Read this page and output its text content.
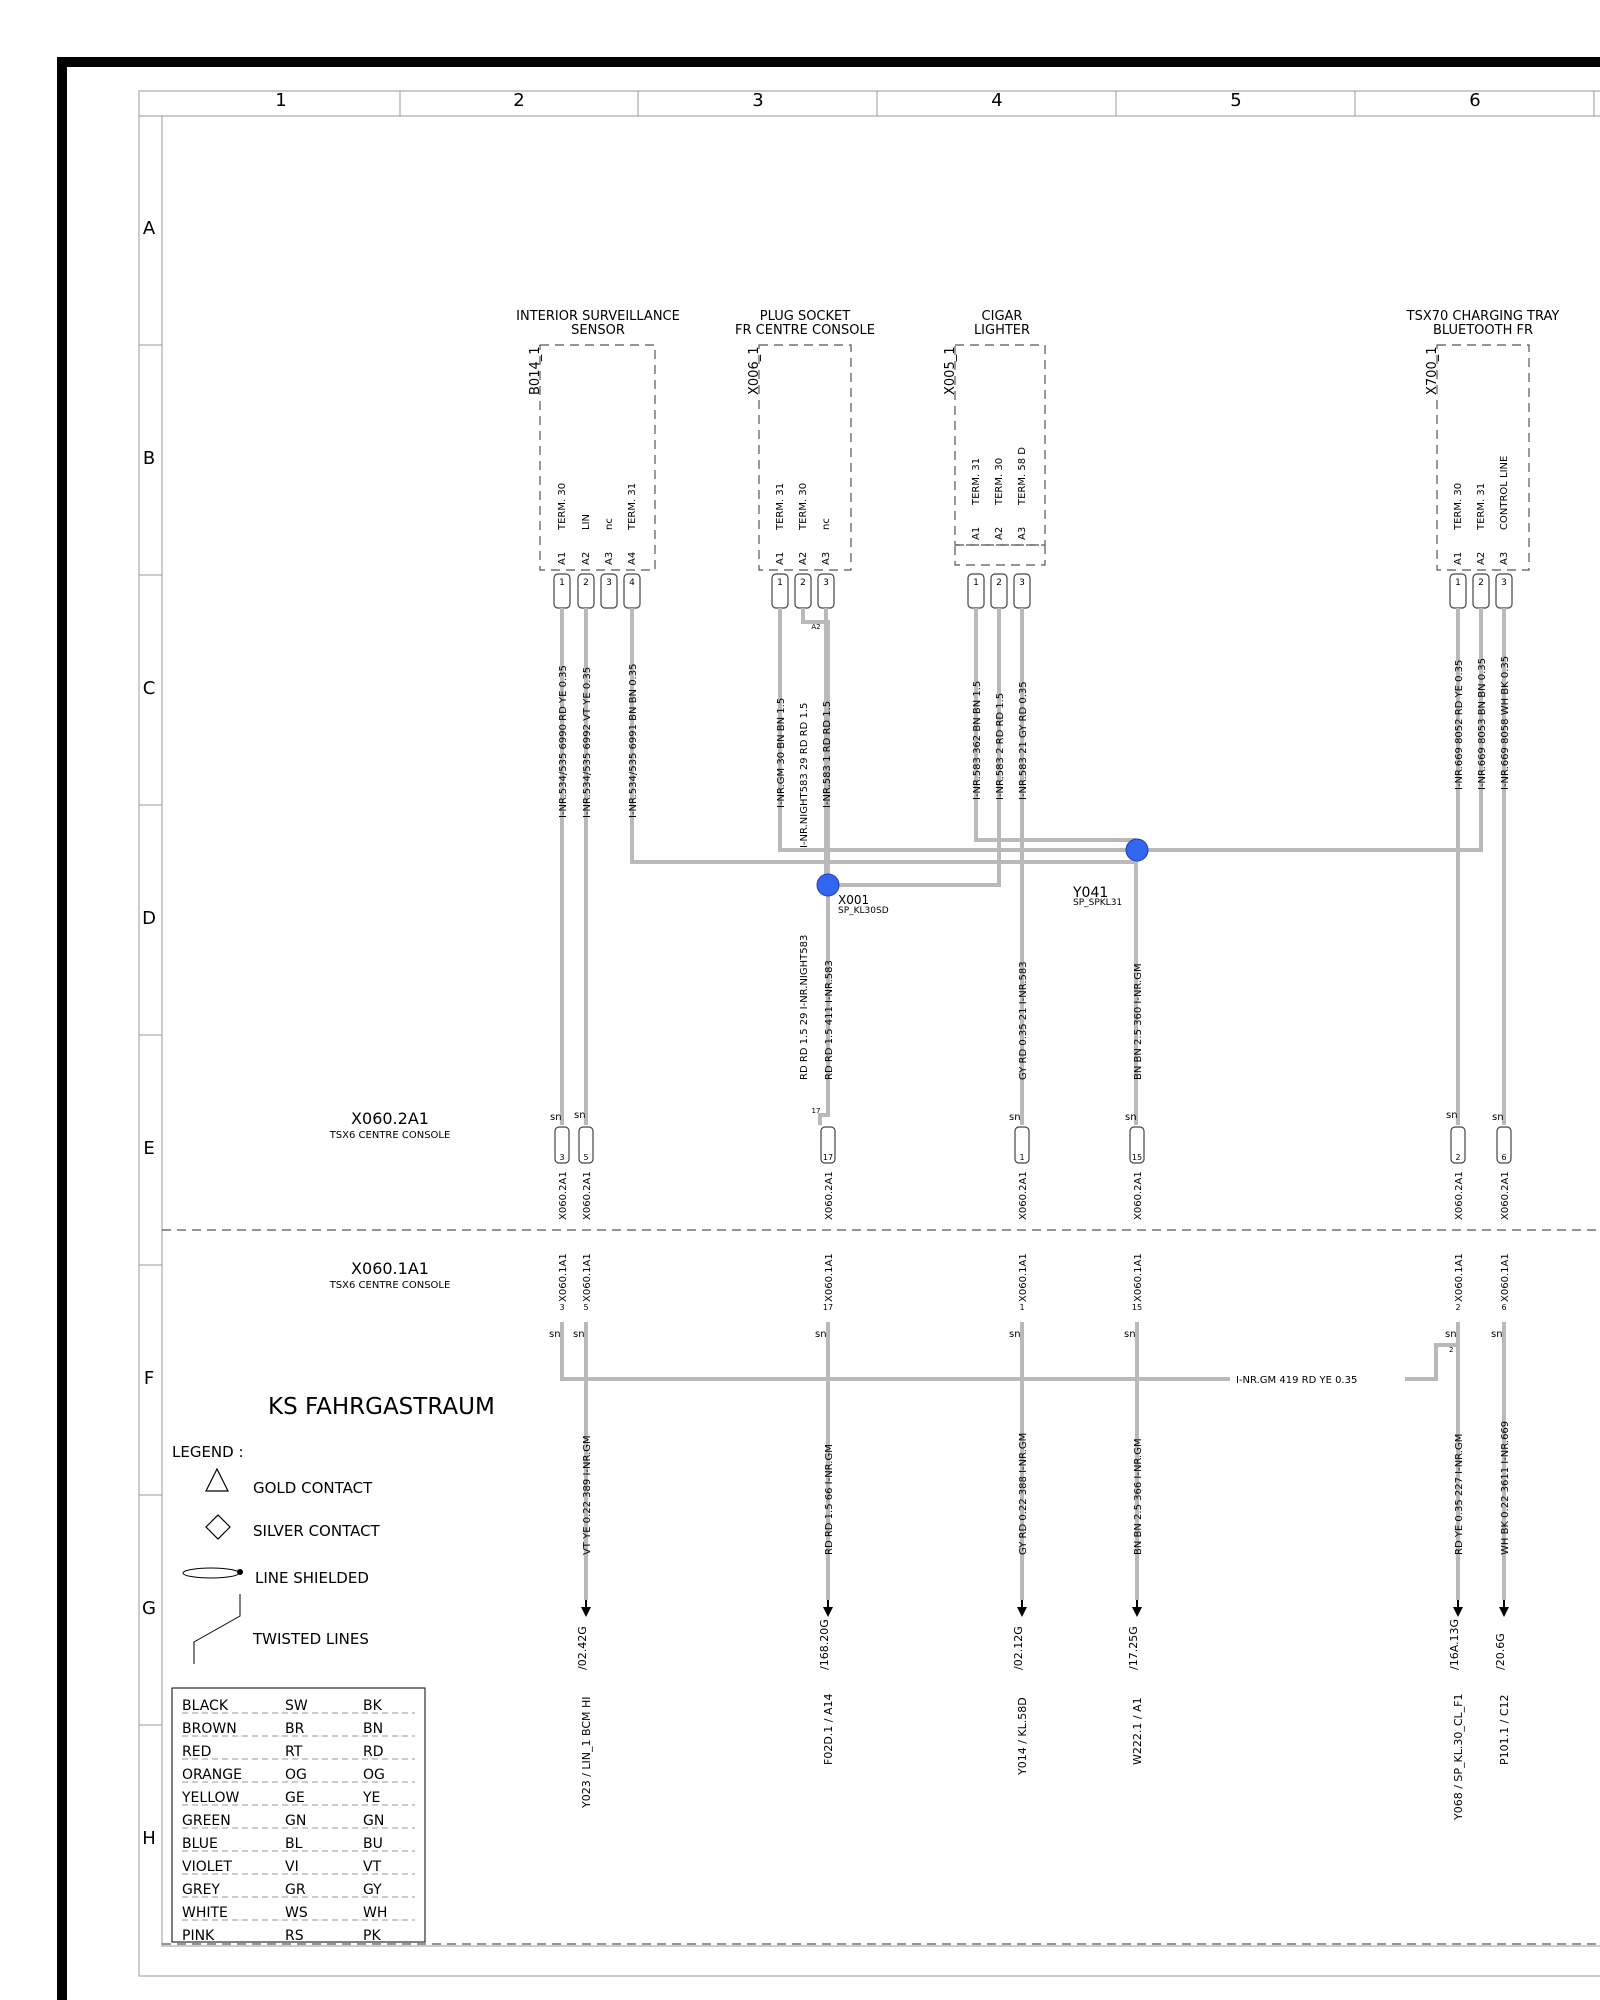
1	2	3	4	5	6
A
B
C
D
E
F
G
H
INTERIOR SURVEILLANCE
SENSOR
B014_1
TERM. 30 LIN nc TERM. 31
A1 A2 A3 A4
1 2 3 4
PLUG SOCKET
FR CENTRE CONSOLE
X006_1
TERM. 31 TERM. 30 nc
A1 A2 A3
1 2 3
CIGAR
LIGHTER
X005_1
TERM. 31 TERM. 30 TERM. 58 D
A1 A2 A3
1 2 3
TSX70 CHARGING TRAY
BLUETOOTH FR
X700_1
TERM. 30 TERM. 31 CONTROL LINE
A1 A2 A3
1 2 3
I-NR.534/535 6990 RD YE 0.35 I-NR.534/535 6992 VT YE 0.35	I-NR.534/535 6991 BN BN 0.35	I-NR.GM 30 BN BN 1.5 I-NR.NIGHT583 29 RD RD 1.5 I-NR.583 1 RD RD 1.5
A2
I-NR.583 362 BN BN 1.5 I-NR.583 2 RD RD 1.5 I-NR.583 21 GY RD 0.35	I-NR.669 8052 RD YE 0.35 I-NR.669 8053 BN BN 0.35 I-NR.669 8058 WH BK 0.35
X001
SP_KL30SD
Y041
SP_SPKL31
RD RD 1.5 29 I-NR.NIGHT583 RD RD 1.5 411 I-NR.583	GY RD 0.35 21 I-NR.583	BN BN 2.5 360 I-NR.GM
X060.2A1
TSX6 CENTRE CONSOLE
3 5	17	1	15	2	6
sn sn	sn	sn	sn	sn
17
X060.2A1 X060.2A1	X060.2A1	X060.2A1	X060.2A1	X060.2A1	X060.2A1
X060.1A1
TSX6 CENTRE CONSOLE	X060.1A1 X060.1A1	X060.1A1	X060.1A1	X060.1A1	X060.1A1	X060.1A1
3 5	17	1	15	2	6
sn sn	sn	sn	sn	sn	sn
2
I-NR.GM 419 RD YE 0.35
VT YE 0.22 389 I-NR.GM	RD RD 1.5 66 I-NR.GM	GY RD 0.22 388 I-NR.GM	BN BN 2.5 366 I-NR.GM	RD YE 0.35 227 I-NR.GM	WH BK 0.22 3611 I-NR.669
/02.42G	/168.20G	/02.12G	/17.25G	/16A.13G	/20.6G
Y023 / LIN_1 BCM HI	F02D.1 / A14	Y014 / KL.58D	W222.1 / A1	Y068 / SP_KL.30_CL_F1	P101.1 / C12
KS FAHRGASTRAUM
LEGEND :
GOLD CONTACT
SILVER CONTACT
LINE SHIELDED
TWISTED LINES
BLACK	SW	BK
BROWN	BR	BN
RED	RT	RD
ORANGE	OG	OG
YELLOW	GE	YE
GREEN	GN	GN
BLUE	BL	BU
VIOLET	VI	VT
GREY	GR	GY
WHITE	WS	WH
PINK	RS	PK
